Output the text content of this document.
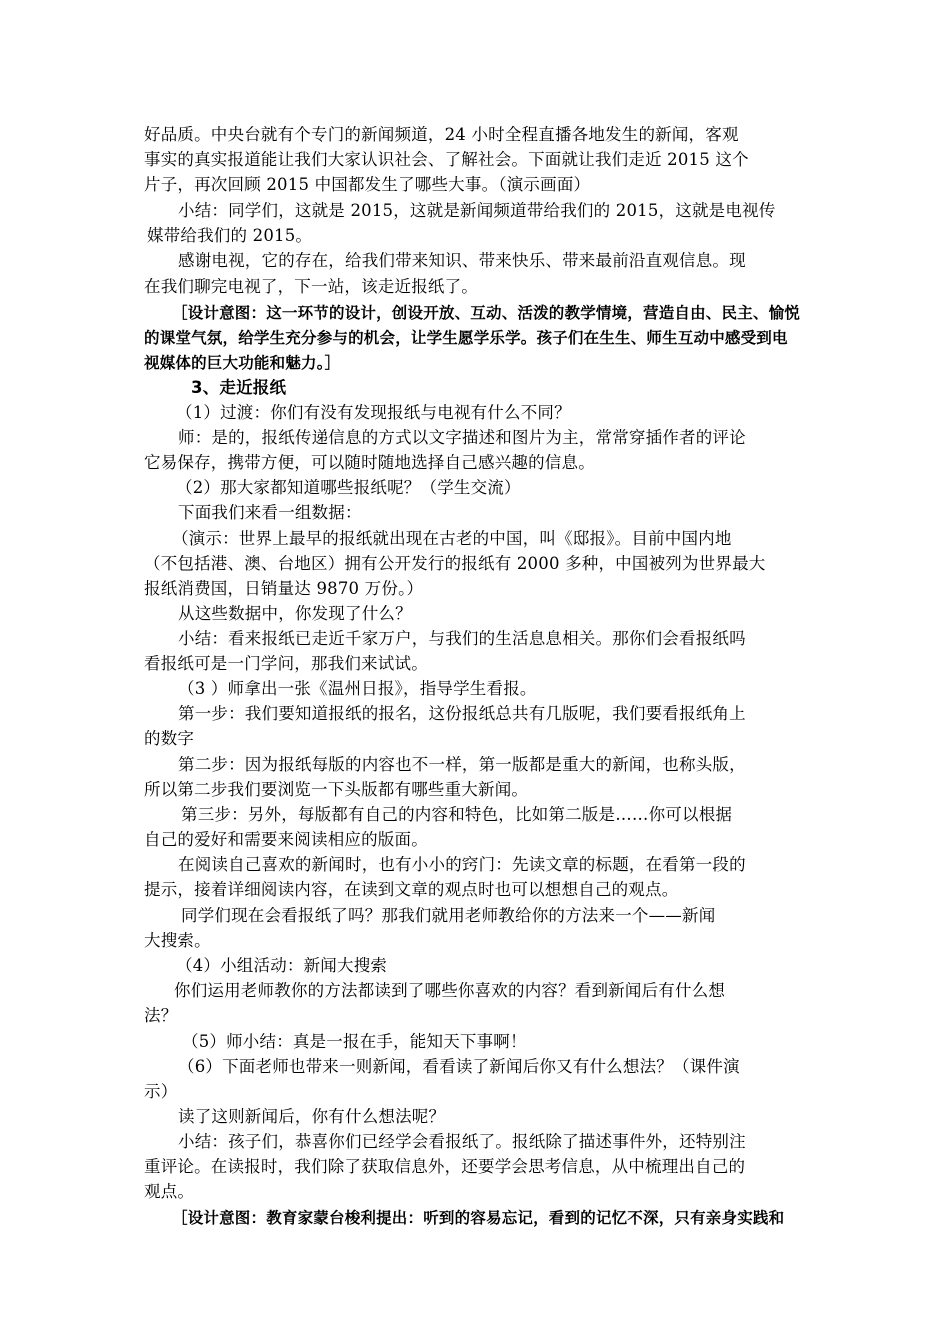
好品质。中央台就有个专门的新闻频道，24 小时全程直播各地发生的新闻，客观
事实的真实报道能让我们大家认识社会、了解社会。下面就让我们走近 2015 这个
片子，再次回顾 2015 中国都发生了哪些大事。（演示画面）
小结：同学们，这就是 2015，这就是新闻频道带给我们的 2015，这就是电视传
媒带给我们的 2015。
感谢电视，它的存在，给我们带来知识、带来快乐、带来最前沿直观信息。现
在我们聊完电视了，下一站，该走近报纸了。
［设计意图：这一环节的设计，创设开放、互动、活泼的教学情境，营造自由、民主、愉悦
的课堂气氛，给学生充分参与的机会，让学生愿学乐学。孩子们在生生、师生互动中感受到电
视媒体的巨大功能和魅力。］
3、走近报纸
（1）过渡：你们有没有发现报纸与电视有什么不同？
师：是的，报纸传递信息的方式以文字描述和图片为主，常常穿插作者的评论
它易保存，携带方便，可以随时随地选择自己感兴趣的信息。
（2）那大家都知道哪些报纸呢？（学生交流）
下面我们来看一组数据：
（演示：世界上最早的报纸就出现在古老的中国，叫《邸报》。目前中国内地
（不包括港、澳、台地区）拥有公开发行的报纸有 2000 多种，中国被列为世界最大
报纸消费国，日销量达 9870 万份。）
从这些数据中，你发现了什么？
小结：看来报纸已走近千家万户，与我们的生活息息相关。那你们会看报纸吗
看报纸可是一门学问，那我们来试试。
（3 ）师拿出一张《温州日报》，指导学生看报。
第一步：我们要知道报纸的报名，这份报纸总共有几版呢，我们要看报纸角上
的数字
第二步：因为报纸每版的内容也不一样，第一版都是重大的新闻，也称头版，
所以第二步我们要浏览一下头版都有哪些重大新闻。
第三步：另外，每版都有自己的内容和特色，比如第二版是……你可以根据
自己的爱好和需要来阅读相应的版面。
在阅读自己喜欢的新闻时，也有小小的窍门：先读文章的标题，在看第一段的
提示，接着详细阅读内容，在读到文章的观点时也可以想想自己的观点。
同学们现在会看报纸了吗？那我们就用老师教给你的方法来一个——新闻
大搜索。
（4）小组活动：新闻大搜索
你们运用老师教你的方法都读到了哪些你喜欢的内容？看到新闻后有什么想
法？
（5）师小结：真是一报在手，能知天下事啊！
（6）下面老师也带来一则新闻，看看读了新闻后你又有什么想法？（课件演
示）
读了这则新闻后，你有什么想法呢？
小结：孩子们，恭喜你们已经学会看报纸了。报纸除了描述事件外，还特别注
重评论。在读报时，我们除了获取信息外，还要学会思考信息，从中梳理出自己的
观点。
［设计意图：教育家蒙台梭利提出：听到的容易忘记，看到的记忆不深，只有亲身实践和
